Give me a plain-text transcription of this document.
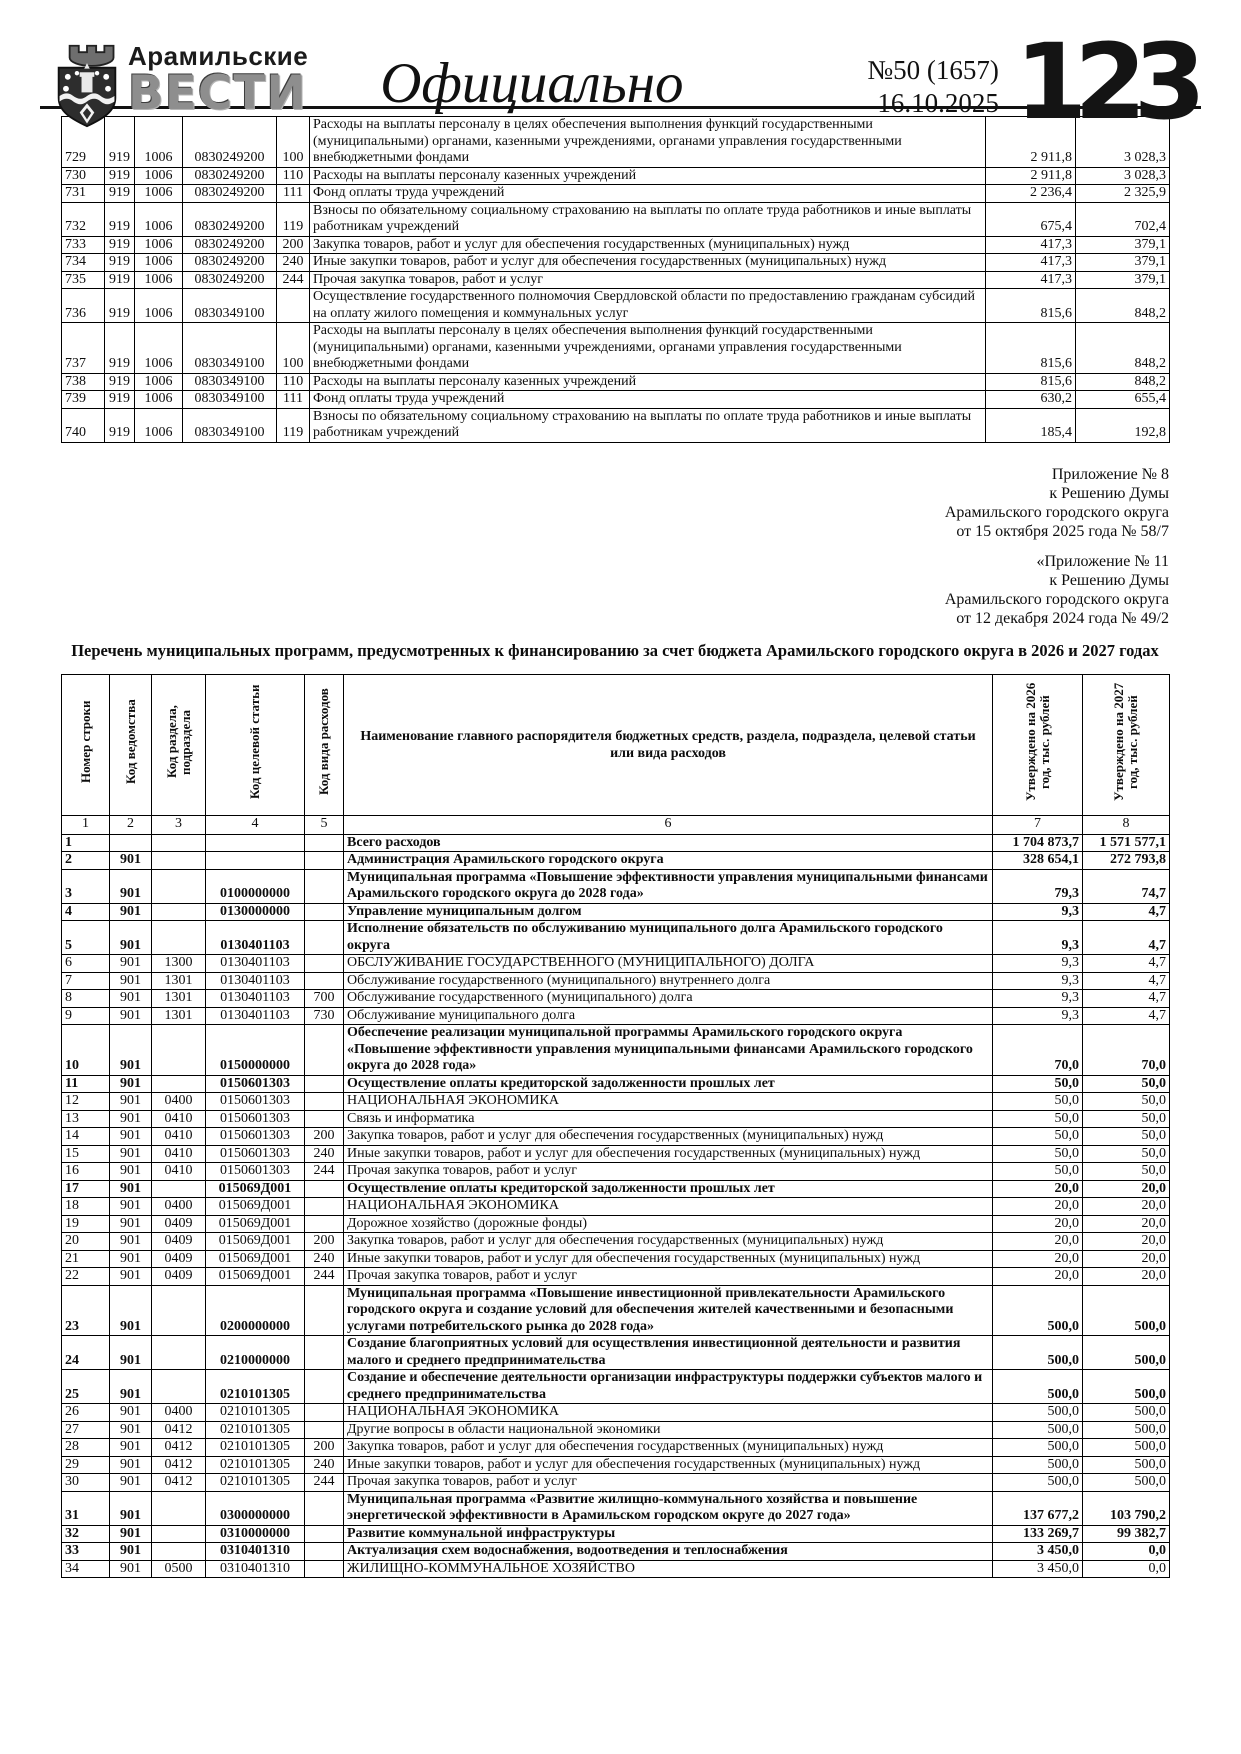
Арамильские
ВЕСТИ Официально	№50 (1657)
16.10.2025 123
729	919	1006	0830249200	100	Расходы на выплаты персоналу в целях обеспечения выполнения функций государственными (муниципальными) органами, казенными учреждениями, органами управления государственными внебюджетными фондами	2 911,8	3 028,3
730	919	1006	0830249200	110	Расходы на выплаты персоналу казенных учреждений	2 911,8	3 028,3
731	919	1006	0830249200	111	Фонд оплаты труда учреждений	2 236,4	2 325,9
732	919	1006	0830249200	119	Взносы по обязательному социальному страхованию на выплаты по оплате труда работников и иные выплаты работникам учреждений	675,4	702,4
733	919	1006	0830249200	200	Закупка товаров, работ и услуг для обеспечения государственных (муниципальных) нужд	417,3	379,1
734	919	1006	0830249200	240	Иные закупки товаров, работ и услуг для обеспечения государственных (муниципальных) нужд	417,3	379,1
735	919	1006	0830249200	244	Прочая закупка товаров, работ и услуг	417,3	379,1
736	919	1006	0830349100		Осуществление государственного полномочия Свердловской области по предоставлению гражданам субсидий на оплату жилого помещения и коммунальных услуг	815,6	848,2
737	919	1006	0830349100	100	Расходы на выплаты персоналу в целях обеспечения выполнения функций государственными (муниципальными) органами, казенными учреждениями, органами управления государственными внебюджетными фондами	815,6	848,2
738	919	1006	0830349100	110	Расходы на выплаты персоналу казенных учреждений	815,6	848,2
739	919	1006	0830349100	111	Фонд оплаты труда учреждений	630,2	655,4
740	919	1006	0830349100	119	Взносы по обязательному социальному страхованию на выплаты по оплате труда работников и иные выплаты работникам учреждений	185,4	192,8
Приложение № 8
к Решению Думы
Арамильского городского округа
от 15 октября 2025 года № 58/7
«Приложение № 11
к Решению Думы
Арамильского городского округа
от 12 декабря 2024 года № 49/2
Перечень муниципальных программ, предусмотренных к финансированию за счет бюджета Арамильского городского округа в 2026 и 2027 годах
Номер строки	Код ведомства	Код раздела, подраздела	Код целевой статьи	Код вида расходов	Наименование главного распорядителя бюджетных средств, раздела, подраздела, целевой статьи или вида расходов	Утверждено на 2026 год, тыс. рублей	Утверждено на 2027 год, тыс. рублей
1	2	3	4	5	6	7	8
1					Всего расходов	1 704 873,7	1 571 577,1
2	901				Администрация Арамильского городского округа	328 654,1	272 793,8
3	901		0100000000		Муниципальная программа «Повышение эффективности управления муниципальными финансами Арамильского городского округа до 2028 года»	79,3	74,7
4	901		0130000000		Управление муниципальным долгом	9,3	4,7
5	901		0130401103		Исполнение обязательств по обслуживанию муниципального долга Арамильского городского округа	9,3	4,7
6	901	1300	0130401103		ОБСЛУЖИВАНИЕ ГОСУДАРСТВЕННОГО (МУНИЦИПАЛЬНОГО) ДОЛГА	9,3	4,7
7	901	1301	0130401103		Обслуживание государственного (муниципального) внутреннего долга	9,3	4,7
8	901	1301	0130401103	700	Обслуживание государственного (муниципального) долга	9,3	4,7
9	901	1301	0130401103	730	Обслуживание муниципального долга	9,3	4,7
10	901		0150000000		Обеспечение реализации муниципальной программы Арамильского городского округа «Повышение эффективности управления муниципальными финансами Арамильского городского округа до 2028 года»	70,0	70,0
11	901		0150601303		Осуществление оплаты кредиторской задолженности прошлых лет	50,0	50,0
12	901	0400	0150601303		НАЦИОНАЛЬНАЯ ЭКОНОМИКА	50,0	50,0
13	901	0410	0150601303		Связь и информатика	50,0	50,0
14	901	0410	0150601303	200	Закупка товаров, работ и услуг для обеспечения государственных (муниципальных) нужд	50,0	50,0
15	901	0410	0150601303	240	Иные закупки товаров, работ и услуг для обеспечения государственных (муниципальных) нужд	50,0	50,0
16	901	0410	0150601303	244	Прочая закупка товаров, работ и услуг	50,0	50,0
17	901		015069Д001		Осуществление оплаты кредиторской задолженности прошлых лет	20,0	20,0
18	901	0400	015069Д001		НАЦИОНАЛЬНАЯ ЭКОНОМИКА	20,0	20,0
19	901	0409	015069Д001		Дорожное хозяйство (дорожные фонды)	20,0	20,0
20	901	0409	015069Д001	200	Закупка товаров, работ и услуг для обеспечения государственных (муниципальных) нужд	20,0	20,0
21	901	0409	015069Д001	240	Иные закупки товаров, работ и услуг для обеспечения государственных (муниципальных) нужд	20,0	20,0
22	901	0409	015069Д001	244	Прочая закупка товаров, работ и услуг	20,0	20,0
23	901		0200000000		Муниципальная программа «Повышение инвестиционной привлекательности Арамильского городского округа и создание условий для обеспечения жителей качественными и безопасными услугами потребительского рынка до 2028 года»	500,0	500,0
24	901		0210000000		Создание благоприятных условий для осуществления инвестиционной деятельности и развития малого и среднего предпринимательства	500,0	500,0
25	901		0210101305		Создание и обеспечение деятельности организации инфраструктуры поддержки субъектов малого и среднего предпринимательства	500,0	500,0
26	901	0400	0210101305		НАЦИОНАЛЬНАЯ ЭКОНОМИКА	500,0	500,0
27	901	0412	0210101305		Другие вопросы в области национальной экономики	500,0	500,0
28	901	0412	0210101305	200	Закупка товаров, работ и услуг для обеспечения государственных (муниципальных) нужд	500,0	500,0
29	901	0412	0210101305	240	Иные закупки товаров, работ и услуг для обеспечения государственных (муниципальных) нужд	500,0	500,0
30	901	0412	0210101305	244	Прочая закупка товаров, работ и услуг	500,0	500,0
31	901		0300000000		Муниципальная программа «Развитие жилищно-коммунального хозяйства и повышение энергетической эффективности в Арамильском городском округе до 2027 года»	137 677,2	103 790,2
32	901		0310000000		Развитие коммунальной инфраструктуры	133 269,7	99 382,7
33	901		0310401310		Актуализация схем водоснабжения, водоотведения и теплоснабжения	3 450,0	0,0
34	901	0500	0310401310		ЖИЛИЩНО-КОММУНАЛЬНОЕ ХОЗЯЙСТВО	3 450,0	0,0
